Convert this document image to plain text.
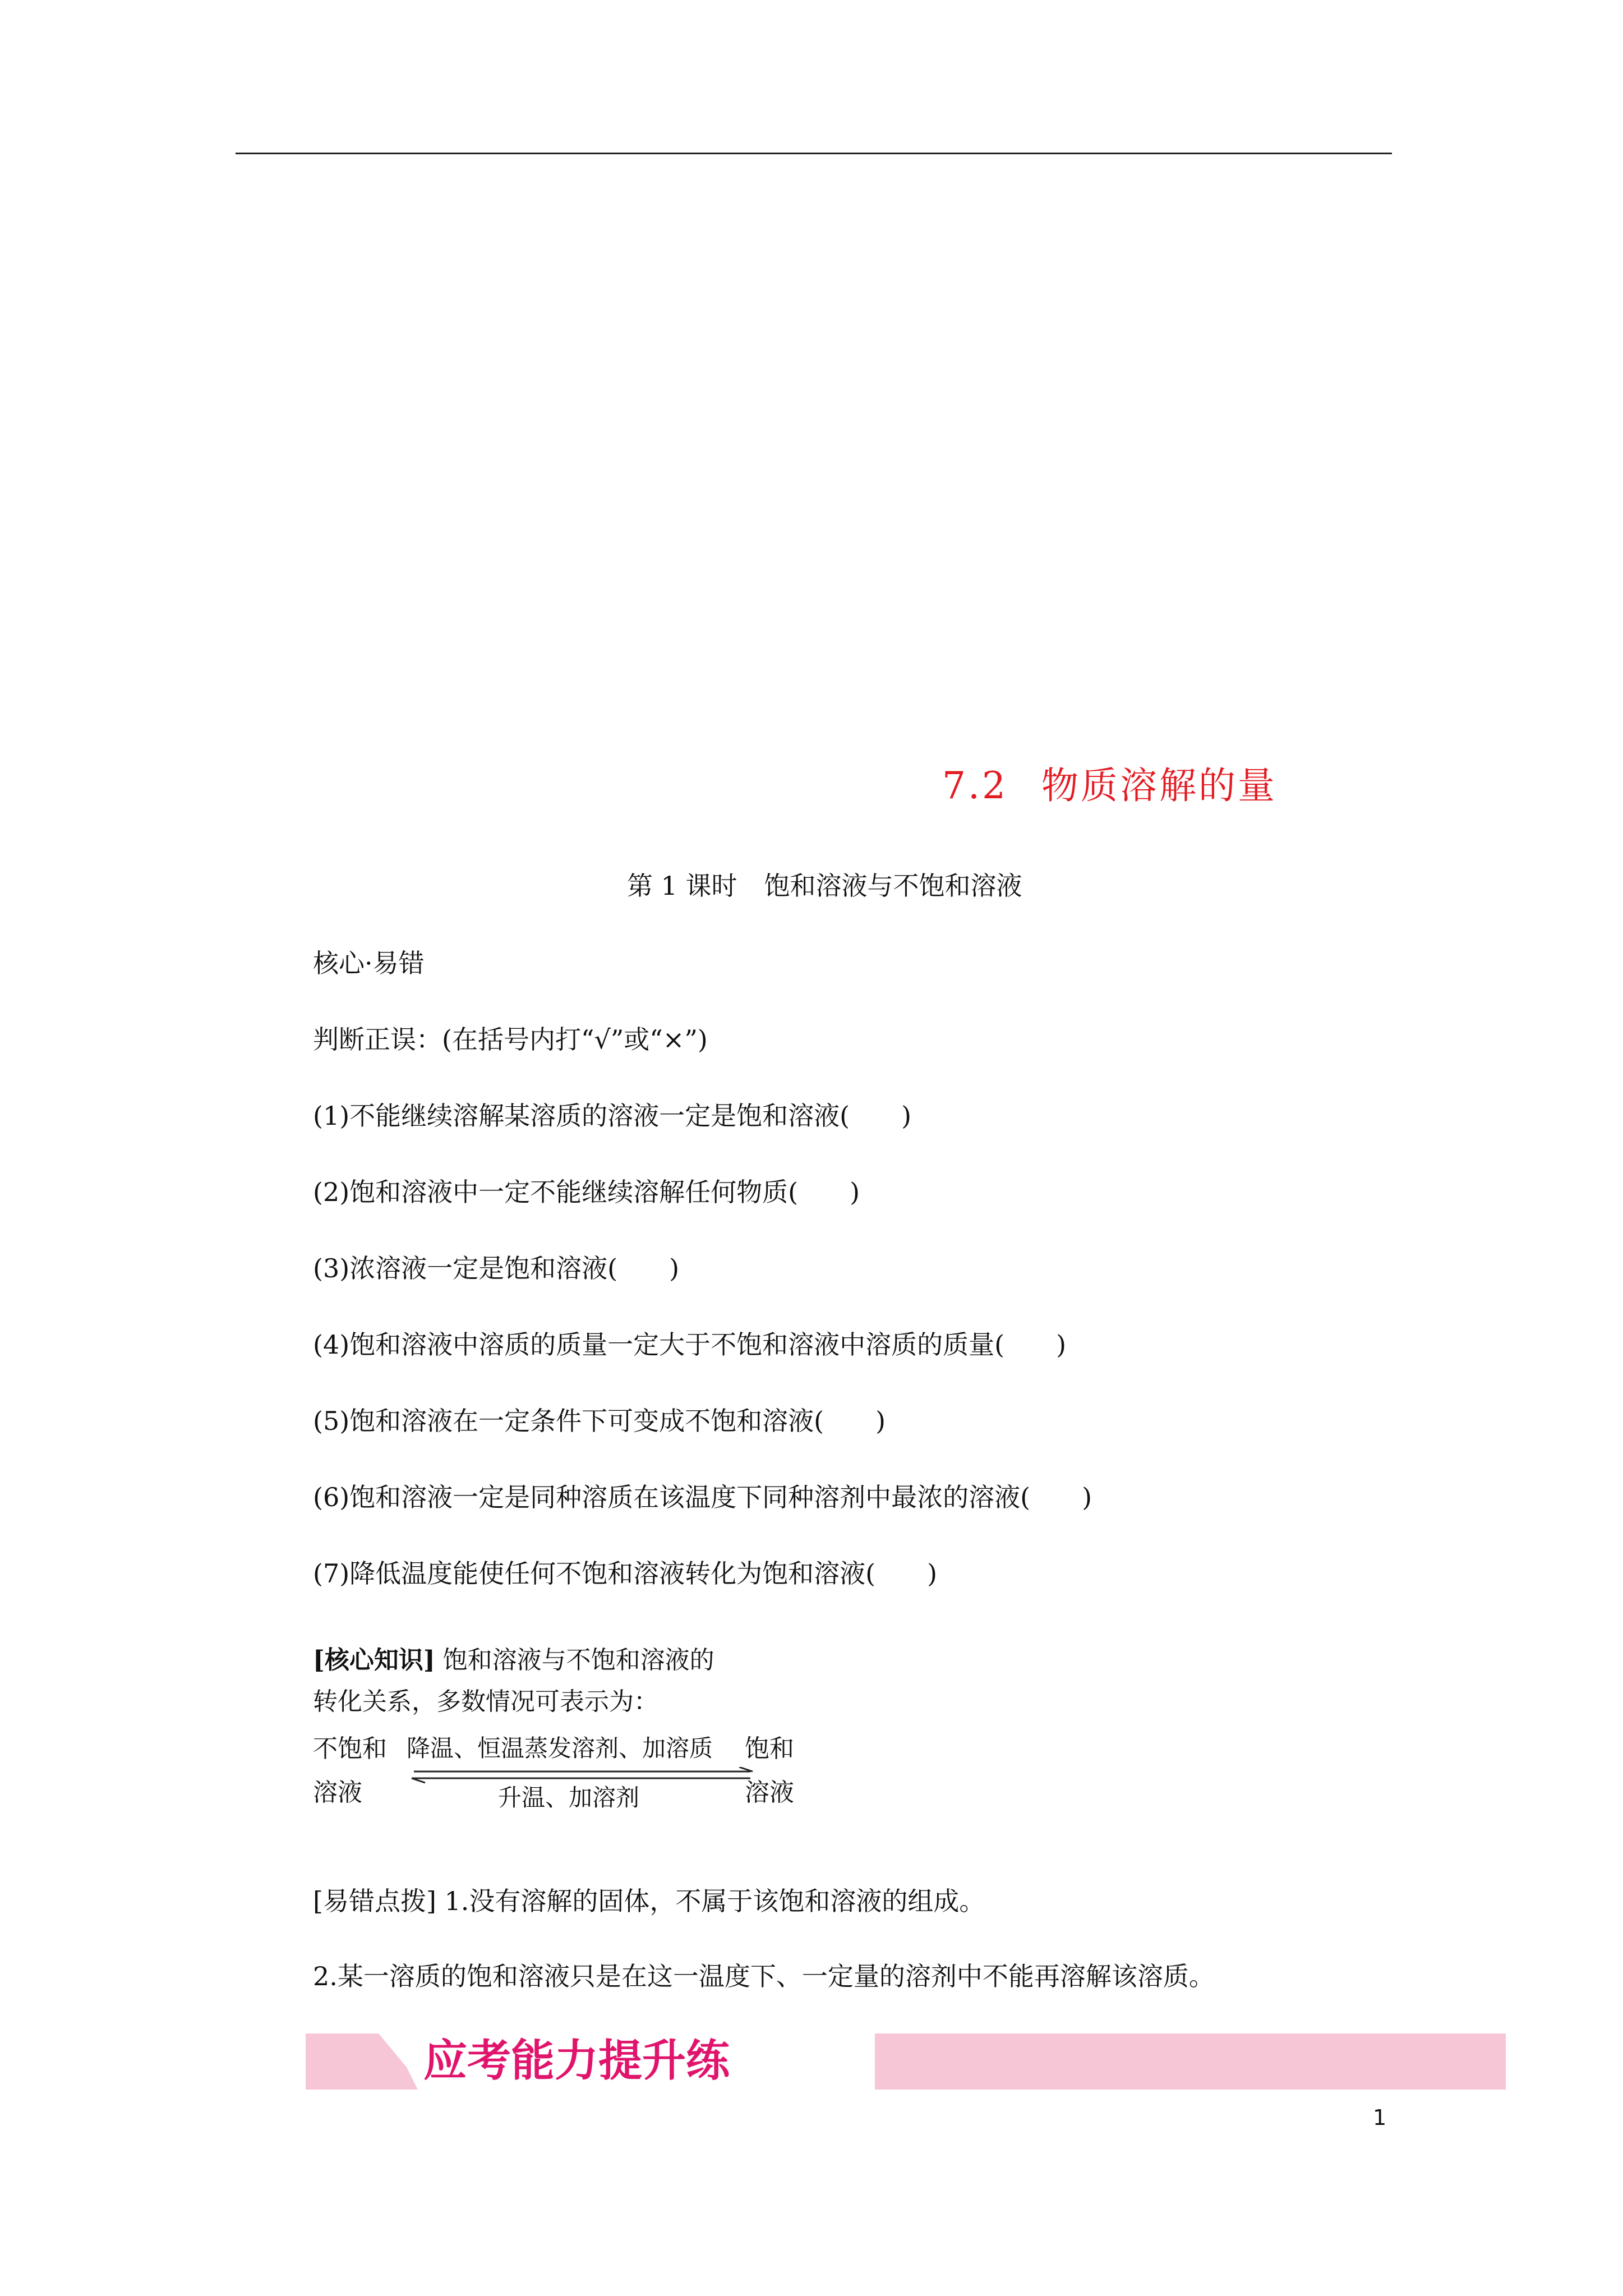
7.2 物质溶解的量
第 1 课时 饱和溶液与不饱和溶液
核心·易错
判断正误：(在括号内打“√”或“×”)
(1)不能继续溶解某溶质的溶液一定是饱和溶液(　　)
(2)饱和溶液中一定不能继续溶解任何物质(　　)
(3)浓溶液一定是饱和溶液(　　)
(4)饱和溶液中溶质的质量一定大于不饱和溶液中溶质的质量(　　)
(5)饱和溶液在一定条件下可变成不饱和溶液(　　)
(6)饱和溶液一定是同种溶质在该温度下同种溶剂中最浓的溶液(　　)
(7)降低温度能使任何不饱和溶液转化为饱和溶液(　　)
[核心知识] 饱和溶液与不饱和溶液的
转化关系，多数情况可表示为：
不饱和
溶液
降温、恒温蒸发溶剂、加溶质
升温、加溶剂
饱和
溶液
[易错点拨] 1.没有溶解的固体，不属于该饱和溶液的组成。
2.某一溶质的饱和溶液只是在这一温度下、一定量的溶剂中不能再溶解该溶质。
应考能力提升练
1
